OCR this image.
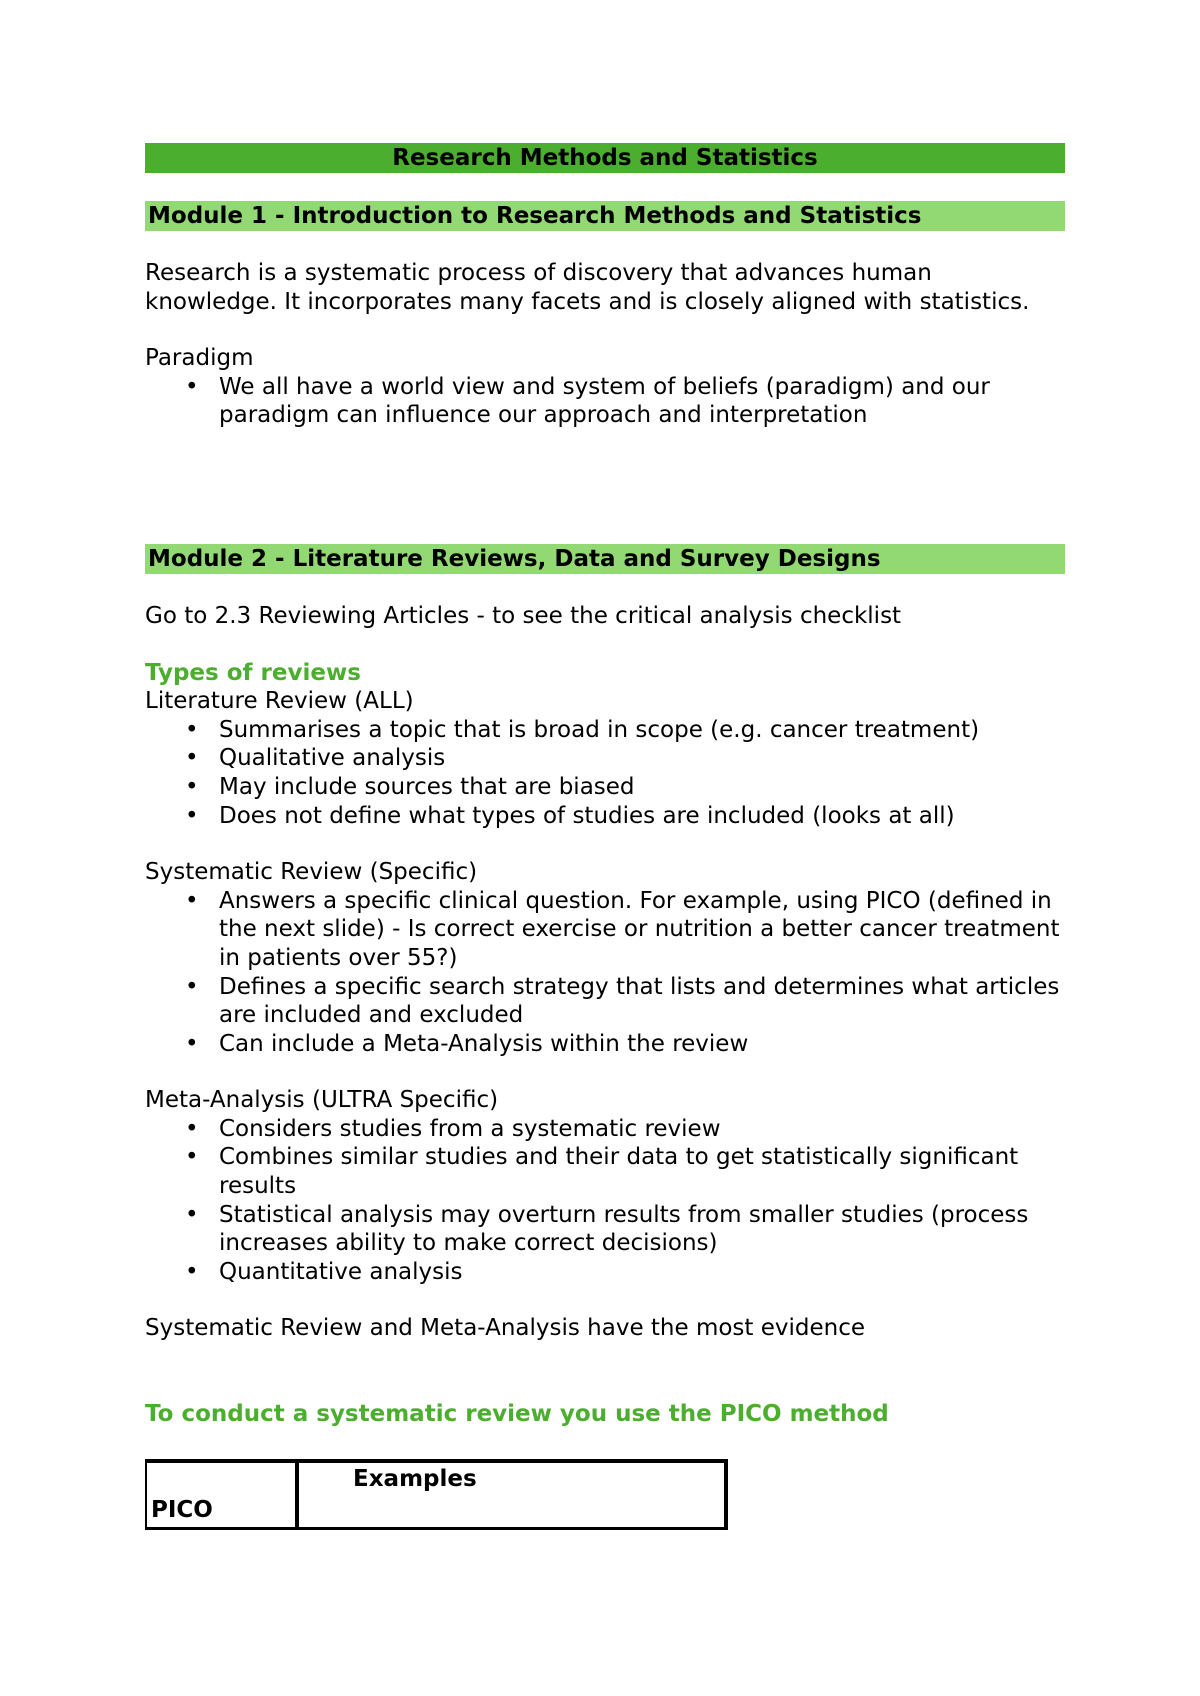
Research Methods and Statistics
Module 1 - Introduction to Research Methods and Statistics

Research is a systematic process of discovery that advances human knowledge. It incorporates many facets and is closely aligned with statistics.

Paradigm

• We all have a world view and system of beliefs (paradigm) and our paradigm can influence our approach and interpretation
Module 2 - Literature Reviews, Data and Survey Designs

Go to 2.3 Reviewing Articles - to see the critical analysis checklist

Types of reviews

Literature Review (ALL)

• Summarises a topic that is broad in scope (e.g. cancer treatment)
• Qualitative analysis
• May include sources that are biased
• Does not define what types of studies are included (looks at all)

Systematic Review (Specific)

• Answers a specific clinical question. For example, using PICO (defined in the next slide) - Is correct exercise or nutrition a better cancer treatment in patients over 55?)
• Defines a specific search strategy that lists and determines what articles are included and excluded
• Can include a Meta-Analysis within the review

Meta-Analysis (ULTRA Specific)

• Considers studies from a systematic review
• Combines similar studies and their data to get statistically significant results
• Statistical analysis may overturn results from smaller studies (process increases ability to make correct decisions)
• Quantitative analysis

Systematic Review and Meta-Analysis have the most evidence

To conduct a systematic review you use the PICO method

PICO	Examples
